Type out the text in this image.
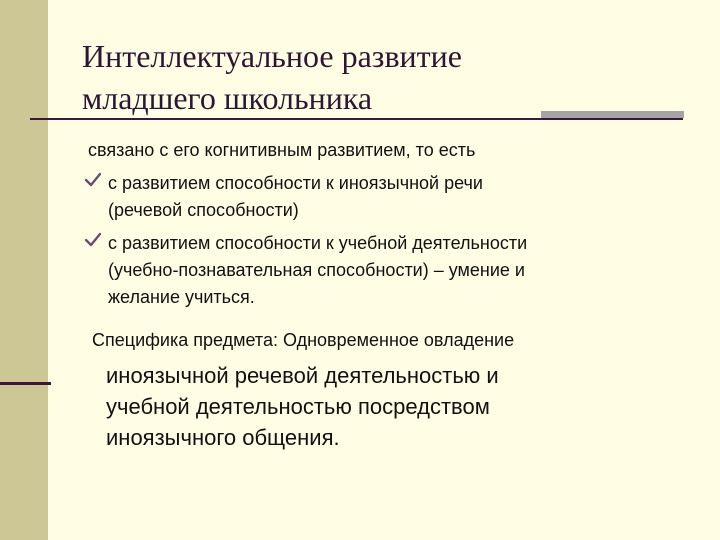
Интеллектуальное развитие
младшего школьника
связано с его когнитивным развитием, то есть
с развитием способности к иноязычной речи
(речевой способности)
с развитием способности к учебной деятельности
(учебно-познавательная способности) – умение и
желание учиться.
Специфика предмета: Одновременное овладение
иноязычной речевой деятельностью и
учебной деятельностью посредством
иноязычного общения.
